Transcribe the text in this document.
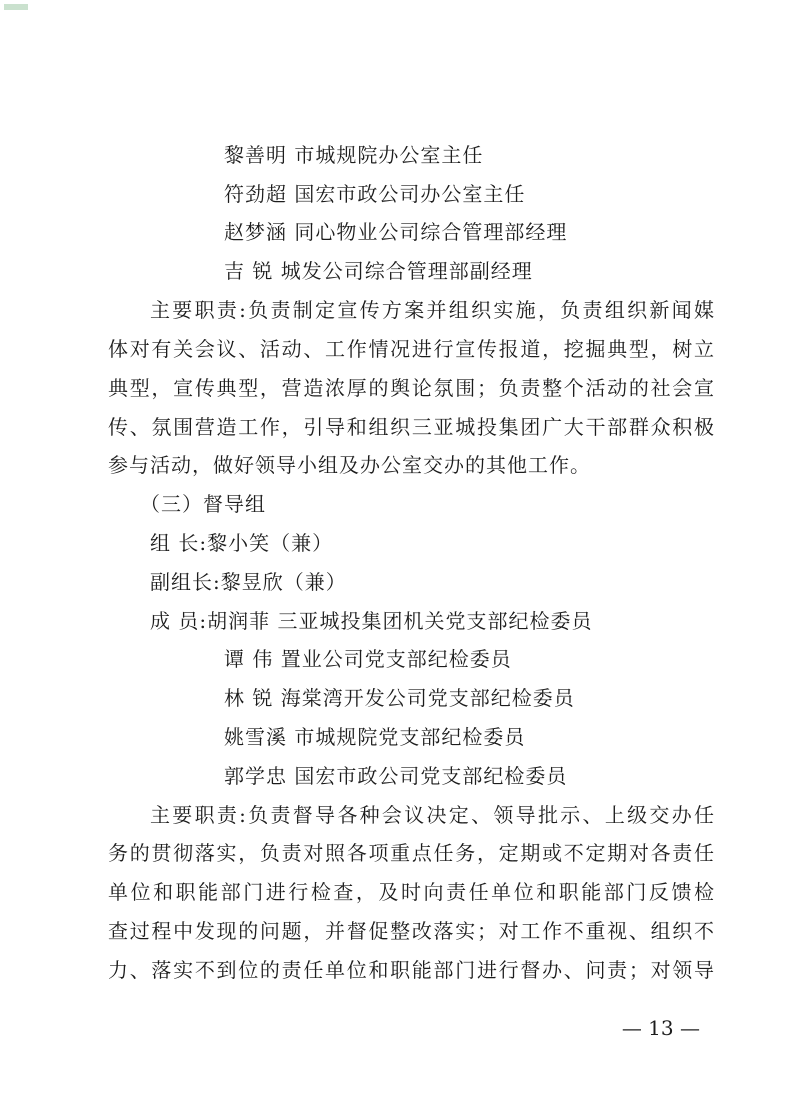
黎善明 市城规院办公室主任
符劲超 国宏市政公司办公室主任
赵梦涵 同心物业公司综合管理部经理
吉 锐 城发公司综合管理部副经理
主要职责:负责制定宣传方案并组织实施，负责组织新闻媒
体对有关会议、活动、工作情况进行宣传报道，挖掘典型，树立
典型，宣传典型，营造浓厚的舆论氛围；负责整个活动的社会宣
传、氛围营造工作，引导和组织三亚城投集团广大干部群众积极
参与活动，做好领导小组及办公室交办的其他工作。
（三）督导组
组 长:黎小笑（兼）
副组长:黎昱欣（兼）
成 员:胡润菲 三亚城投集团机关党支部纪检委员
谭 伟 置业公司党支部纪检委员
林 锐 海棠湾开发公司党支部纪检委员
姚雪溪 市城规院党支部纪检委员
郭学忠 国宏市政公司党支部纪检委员
主要职责:负责督导各种会议决定、领导批示、上级交办任
务的贯彻落实，负责对照各项重点任务，定期或不定期对各责任
单位和职能部门进行检查，及时向责任单位和职能部门反馈检
查过程中发现的问题，并督促整改落实；对工作不重视、组织不
力、落实不到位的责任单位和职能部门进行督办、问责；对领导
— 13 —
